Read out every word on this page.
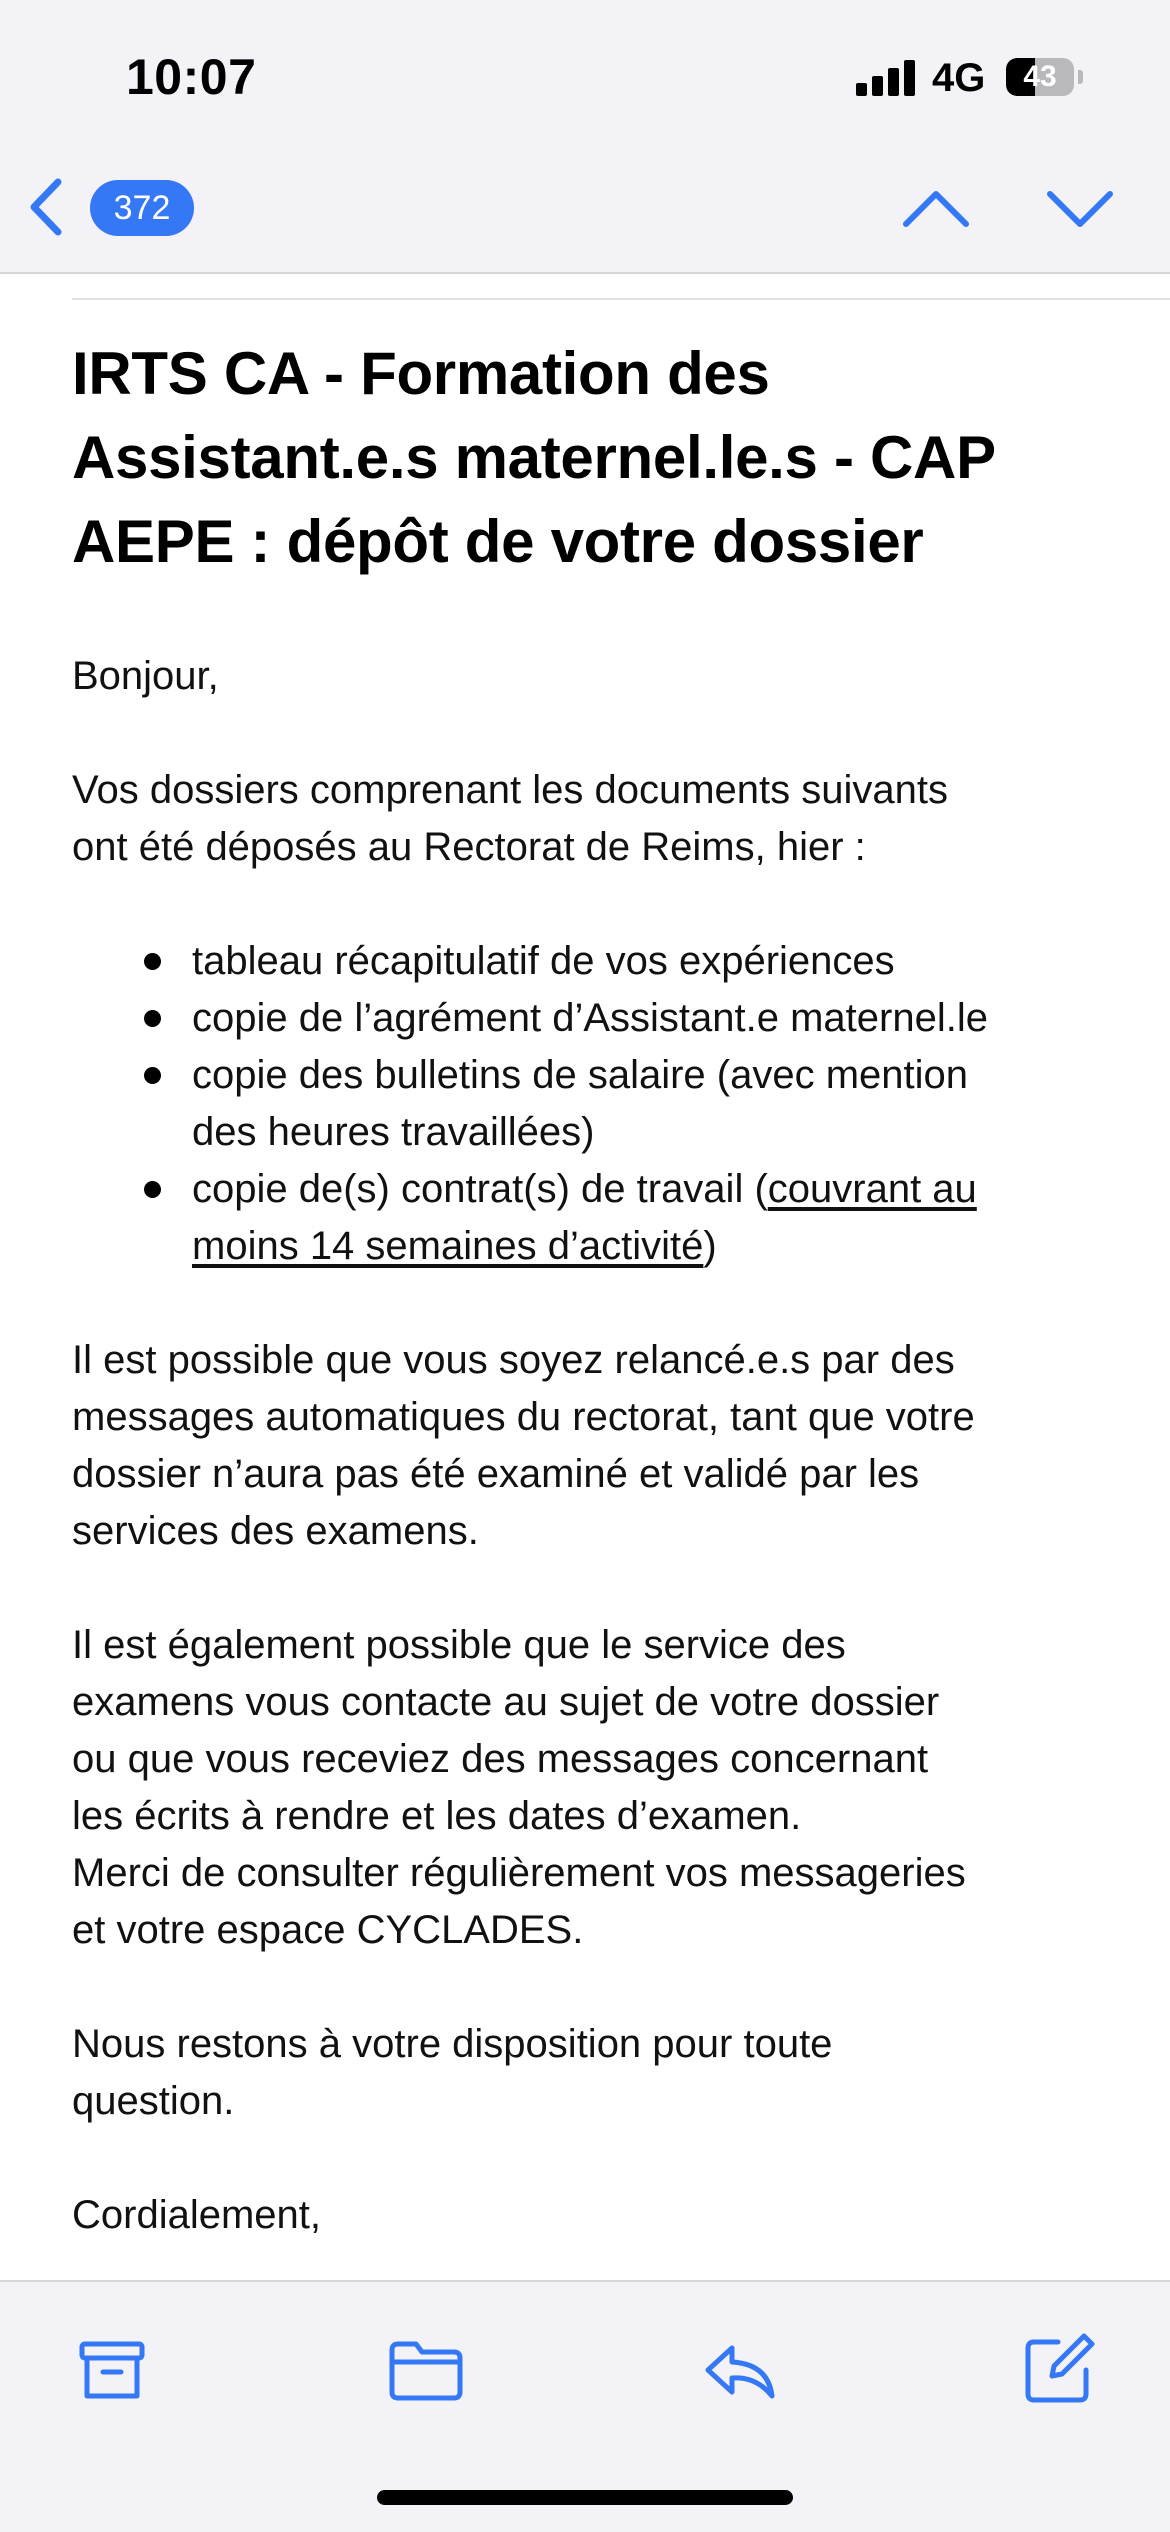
10:07	4G	43
372
IRTS CA - Formation des Assistant.e.s maternel.le.s - CAP AEPE : dépôt de votre dossier

Bonjour,

Vos dossiers comprenant les documents suivants
ont été déposés au Rectorat de Reims, hier :

tableau récapitulatif de vos expériences
copie de l’agrément d’Assistant.e maternel.le
copie des bulletins de salaire (avec mention
des heures travaillées)
copie de(s) contrat(s) de travail (couvrant au
moins 14 semaines d’activité)

Il est possible que vous soyez relancé.e.s par des
messages automatiques du rectorat, tant que votre
dossier n’aura pas été examiné et validé par les
services des examens.

Il est également possible que le service des
examens vous contacte au sujet de votre dossier
ou que vous receviez des messages concernant
les écrits à rendre et les dates d’examen.
Merci de consulter régulièrement vos messageries
et votre espace CYCLADES.

Nous restons à votre disposition pour toute
question.

Cordialement,
